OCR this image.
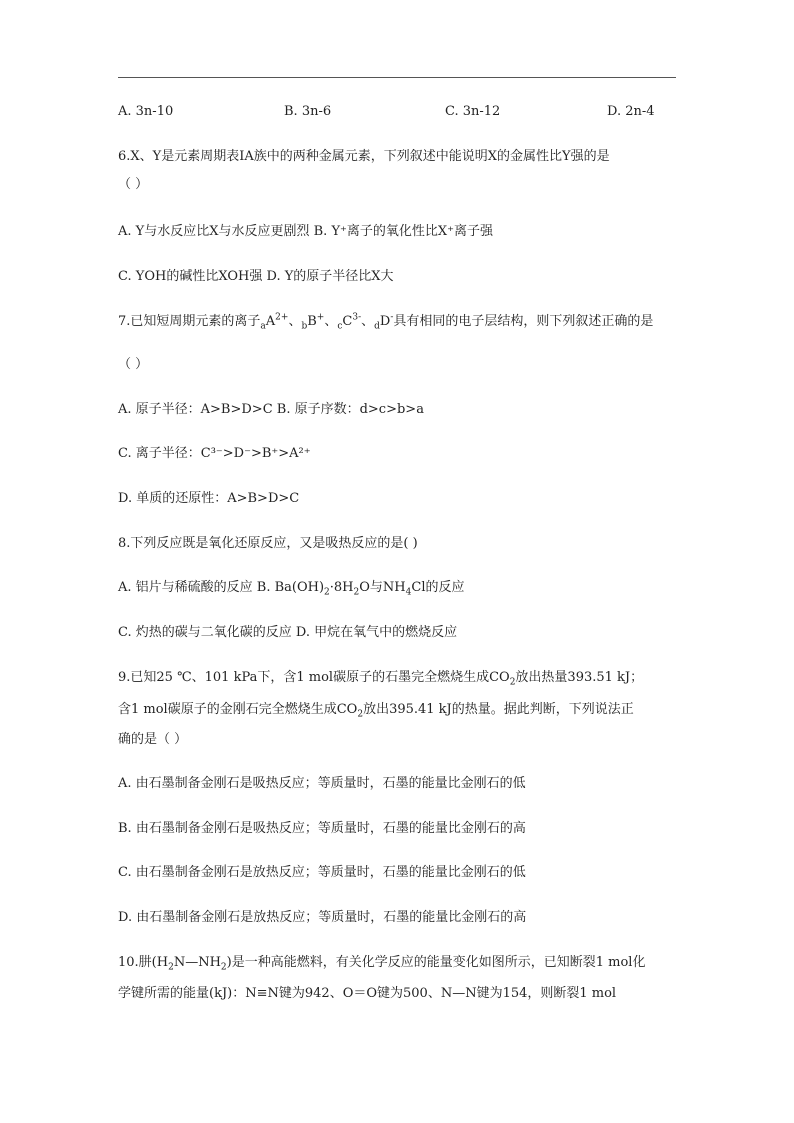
A. 3n-10	B. 3n-6	C. 3n-12	D. 2n-4
6.X、Y是元素周期表ⅠA族中的两种金属元素，下列叙述中能说明X的金属性比Y强的是
（ ）
A. Y与水反应比X与水反应更剧烈 B. Y⁺离子的氧化性比X⁺离子强
C. YOH的碱性比XOH强 D. Y的原子半径比X大
7.已知短周期元素的离子$_aA^{2+}$、$_b$B+、$_cC^{3-}$、$_d$D-具有相同的电子层结构，则下列叙述正确的是
（ ）
A. 原子半径：A>B>D>C B. 原子序数：d>c>b>a
C. 离子半径：C³⁻>D⁻>B⁺>A²⁺
D. 单质的还原性：A>B>D>C
8.下列反应既是氧化还原反应，又是吸热反应的是( )
A. 铝片与稀硫酸的反应 B. $Ba(OH)_2\cdot 8H_2O$与$NH_4Cl$的反应
C. 灼热的碳与二氧化碳的反应 D. 甲烷在氧气中的燃烧反应
9.已知25 ℃、101 kPa下，含1 mol碳原子的石墨完全燃烧生成$CO_2$放出热量393.51 kJ；
含1 mol碳原子的金刚石完全燃烧生成$CO_2$放出395.41 kJ的热量。据此判断，下列说法正
确的是（ ）
A. 由石墨制备金刚石是吸热反应；等质量时，石墨的能量比金刚石的低
B. 由石墨制备金刚石是吸热反应；等质量时，石墨的能量比金刚石的高
C. 由石墨制备金刚石是放热反应；等质量时，石墨的能量比金刚石的低
D. 由石墨制备金刚石是放热反应；等质量时，石墨的能量比金刚石的高
10.肼$(H_2N—NH_2)$是一种高能燃料，有关化学反应的能量变化如图所示，已知断裂1 mol化
学键所需的能量(kJ)：N≡N键为942、O＝O键为500、N—N键为154，则断裂1 mol
